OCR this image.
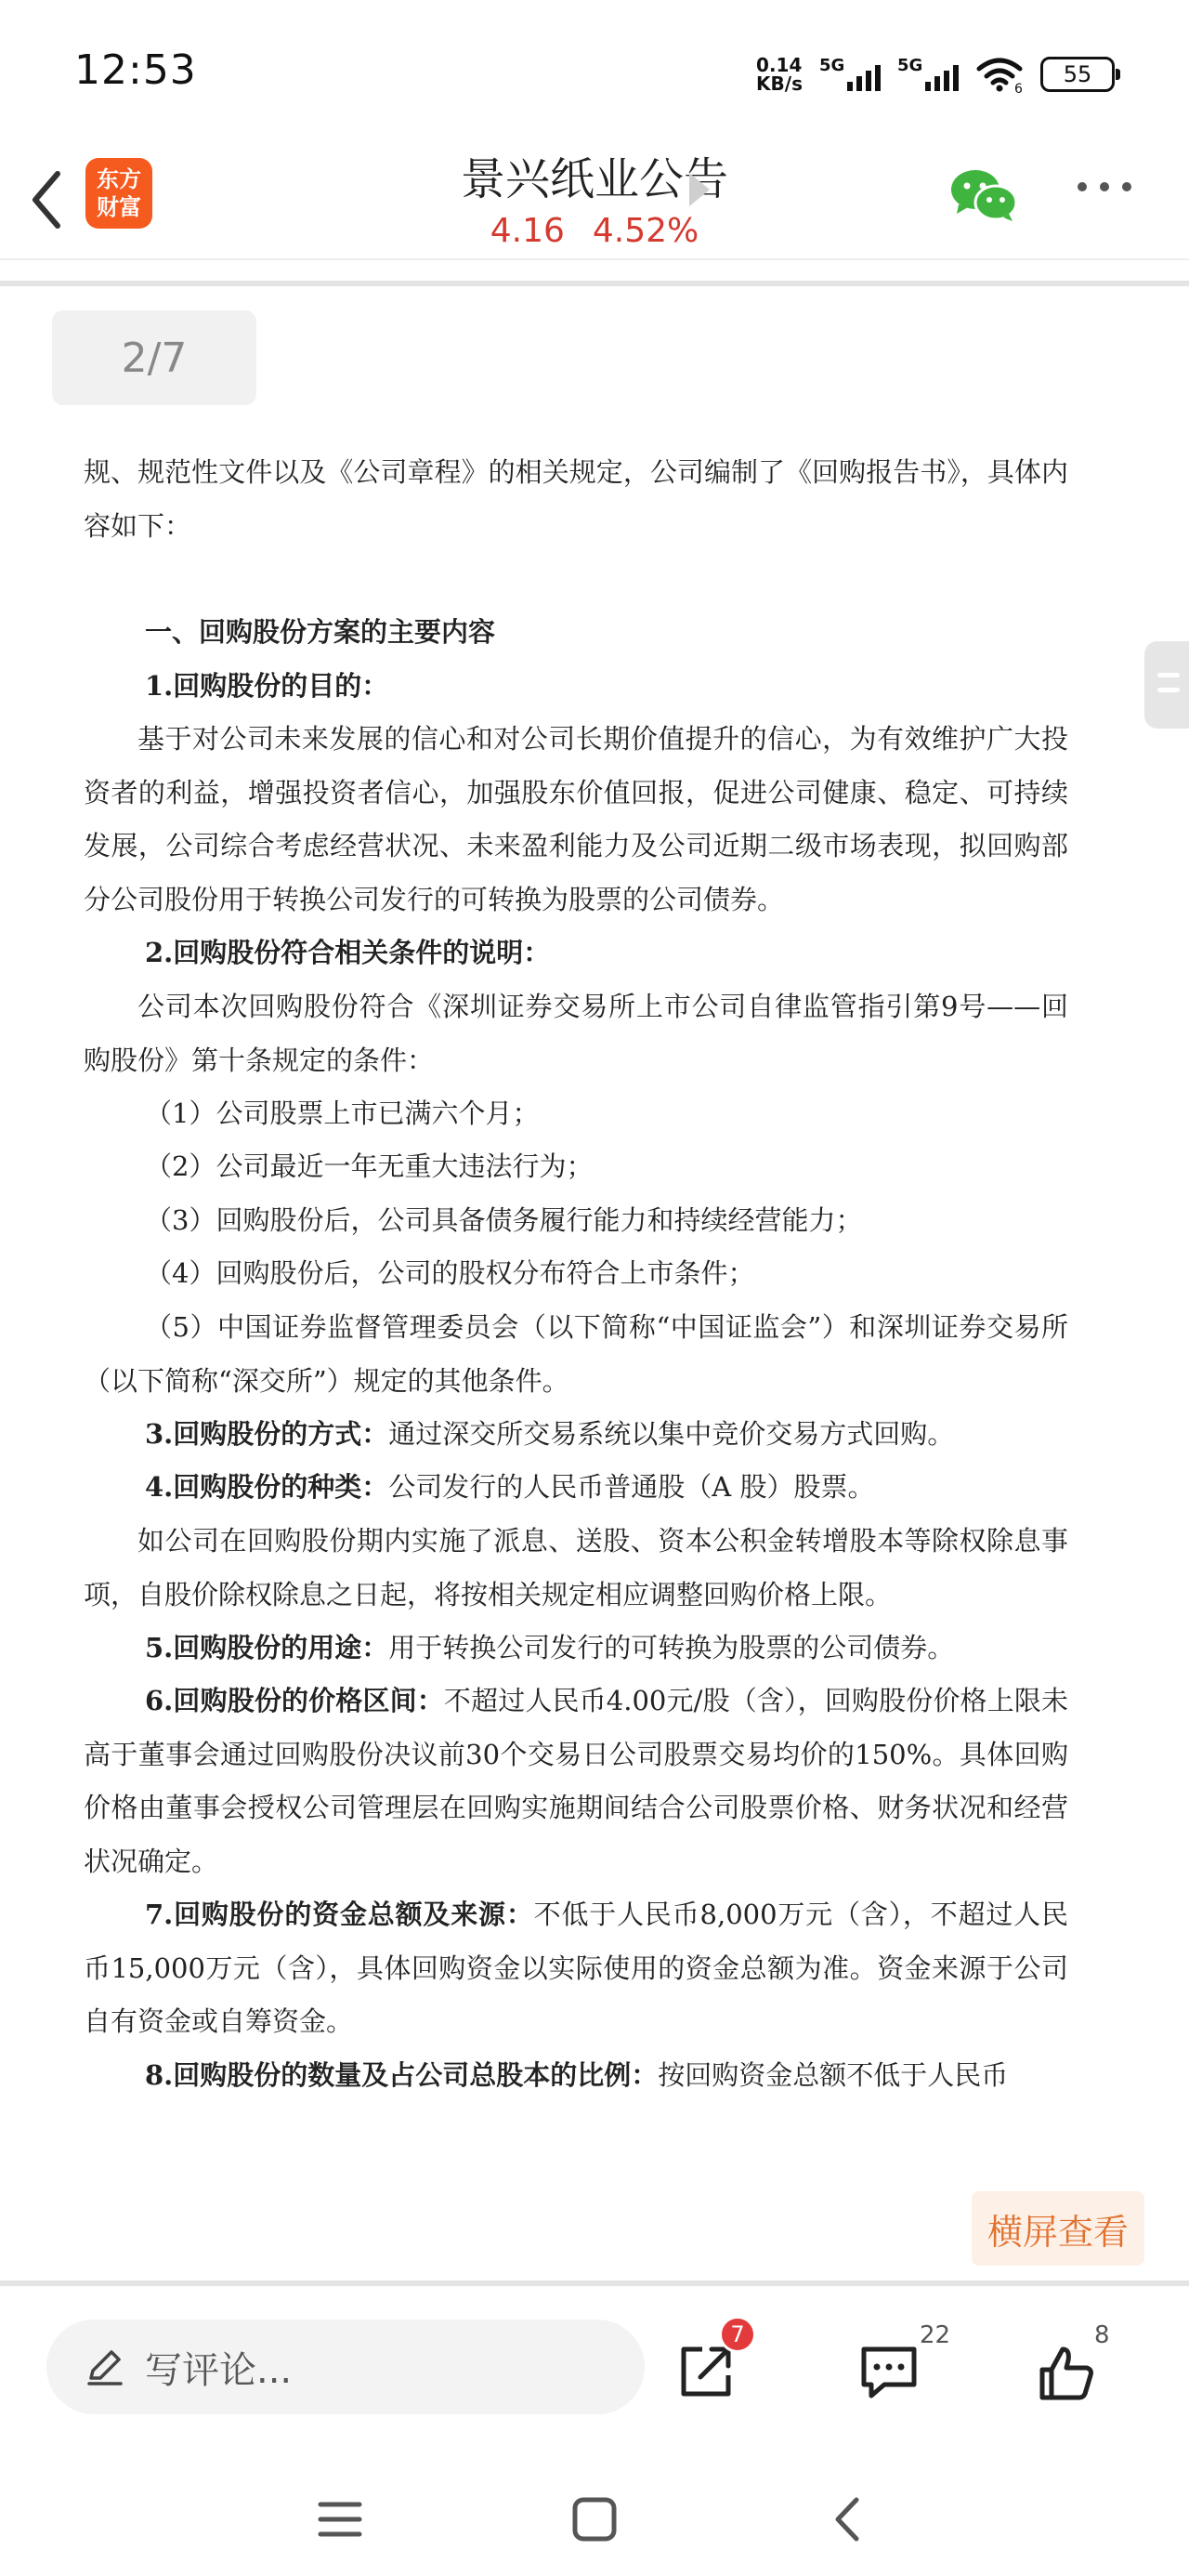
12:53	0.14
KB/s
5G	5G
6
55
东方
财富
景兴纸业公告
4.16 4.52%
2/7
规、规范性文件以及《公司章程》的相关规定，公司编制了《回购报告书》，具体内容如下：
一、回购股份方案的主要内容
1.回购股份的目的：
基于对公司未来发展的信心和对公司长期价值提升的信心，为有效维护广大投资者的利益，增强投资者信心，加强股东价值回报，促进公司健康、稳定、可持续发展，公司综合考虑经营状况、未来盈利能力及公司近期二级市场表现，拟回购部分公司股份用于转换公司发行的可转换为股票的公司债券。
2.回购股份符合相关条件的说明：
公司本次回购股份符合《深圳证券交易所上市公司自律监管指引第9号——回购股份》第十条规定的条件：
（1）公司股票上市已满六个月；
（2）公司最近一年无重大违法行为；
（3）回购股份后，公司具备债务履行能力和持续经营能力；
（4）回购股份后，公司的股权分布符合上市条件；
（5）中国证券监督管理委员会（以下简称“中国证监会”）和深圳证券交易所（以下简称“深交所”）规定的其他条件。
3.回购股份的方式：通过深交所交易系统以集中竞价交易方式回购。
4.回购股份的种类：公司发行的人民币普通股（A 股）股票。
如公司在回购股份期内实施了派息、送股、资本公积金转增股本等除权除息事项，自股价除权除息之日起，将按相关规定相应调整回购价格上限。
5.回购股份的用途：用于转换公司发行的可转换为股票的公司债券。
6.回购股份的价格区间：不超过人民币4.00元/股（含），回购股份价格上限未高于董事会通过回购股份决议前30个交易日公司股票交易均价的150%。具体回购价格由董事会授权公司管理层在回购实施期间结合公司股票价格、财务状况和经营状况确定。
7.回购股份的资金总额及来源：不低于人民币8,000万元（含），不超过人民币15,000万元（含），具体回购资金以实际使用的资金总额为准。资金来源于公司自有资金或自筹资金。
8.回购股份的数量及占公司总股本的比例：按回购资金总额不低于人民币
横屏查看
写评论...
7	22	8
